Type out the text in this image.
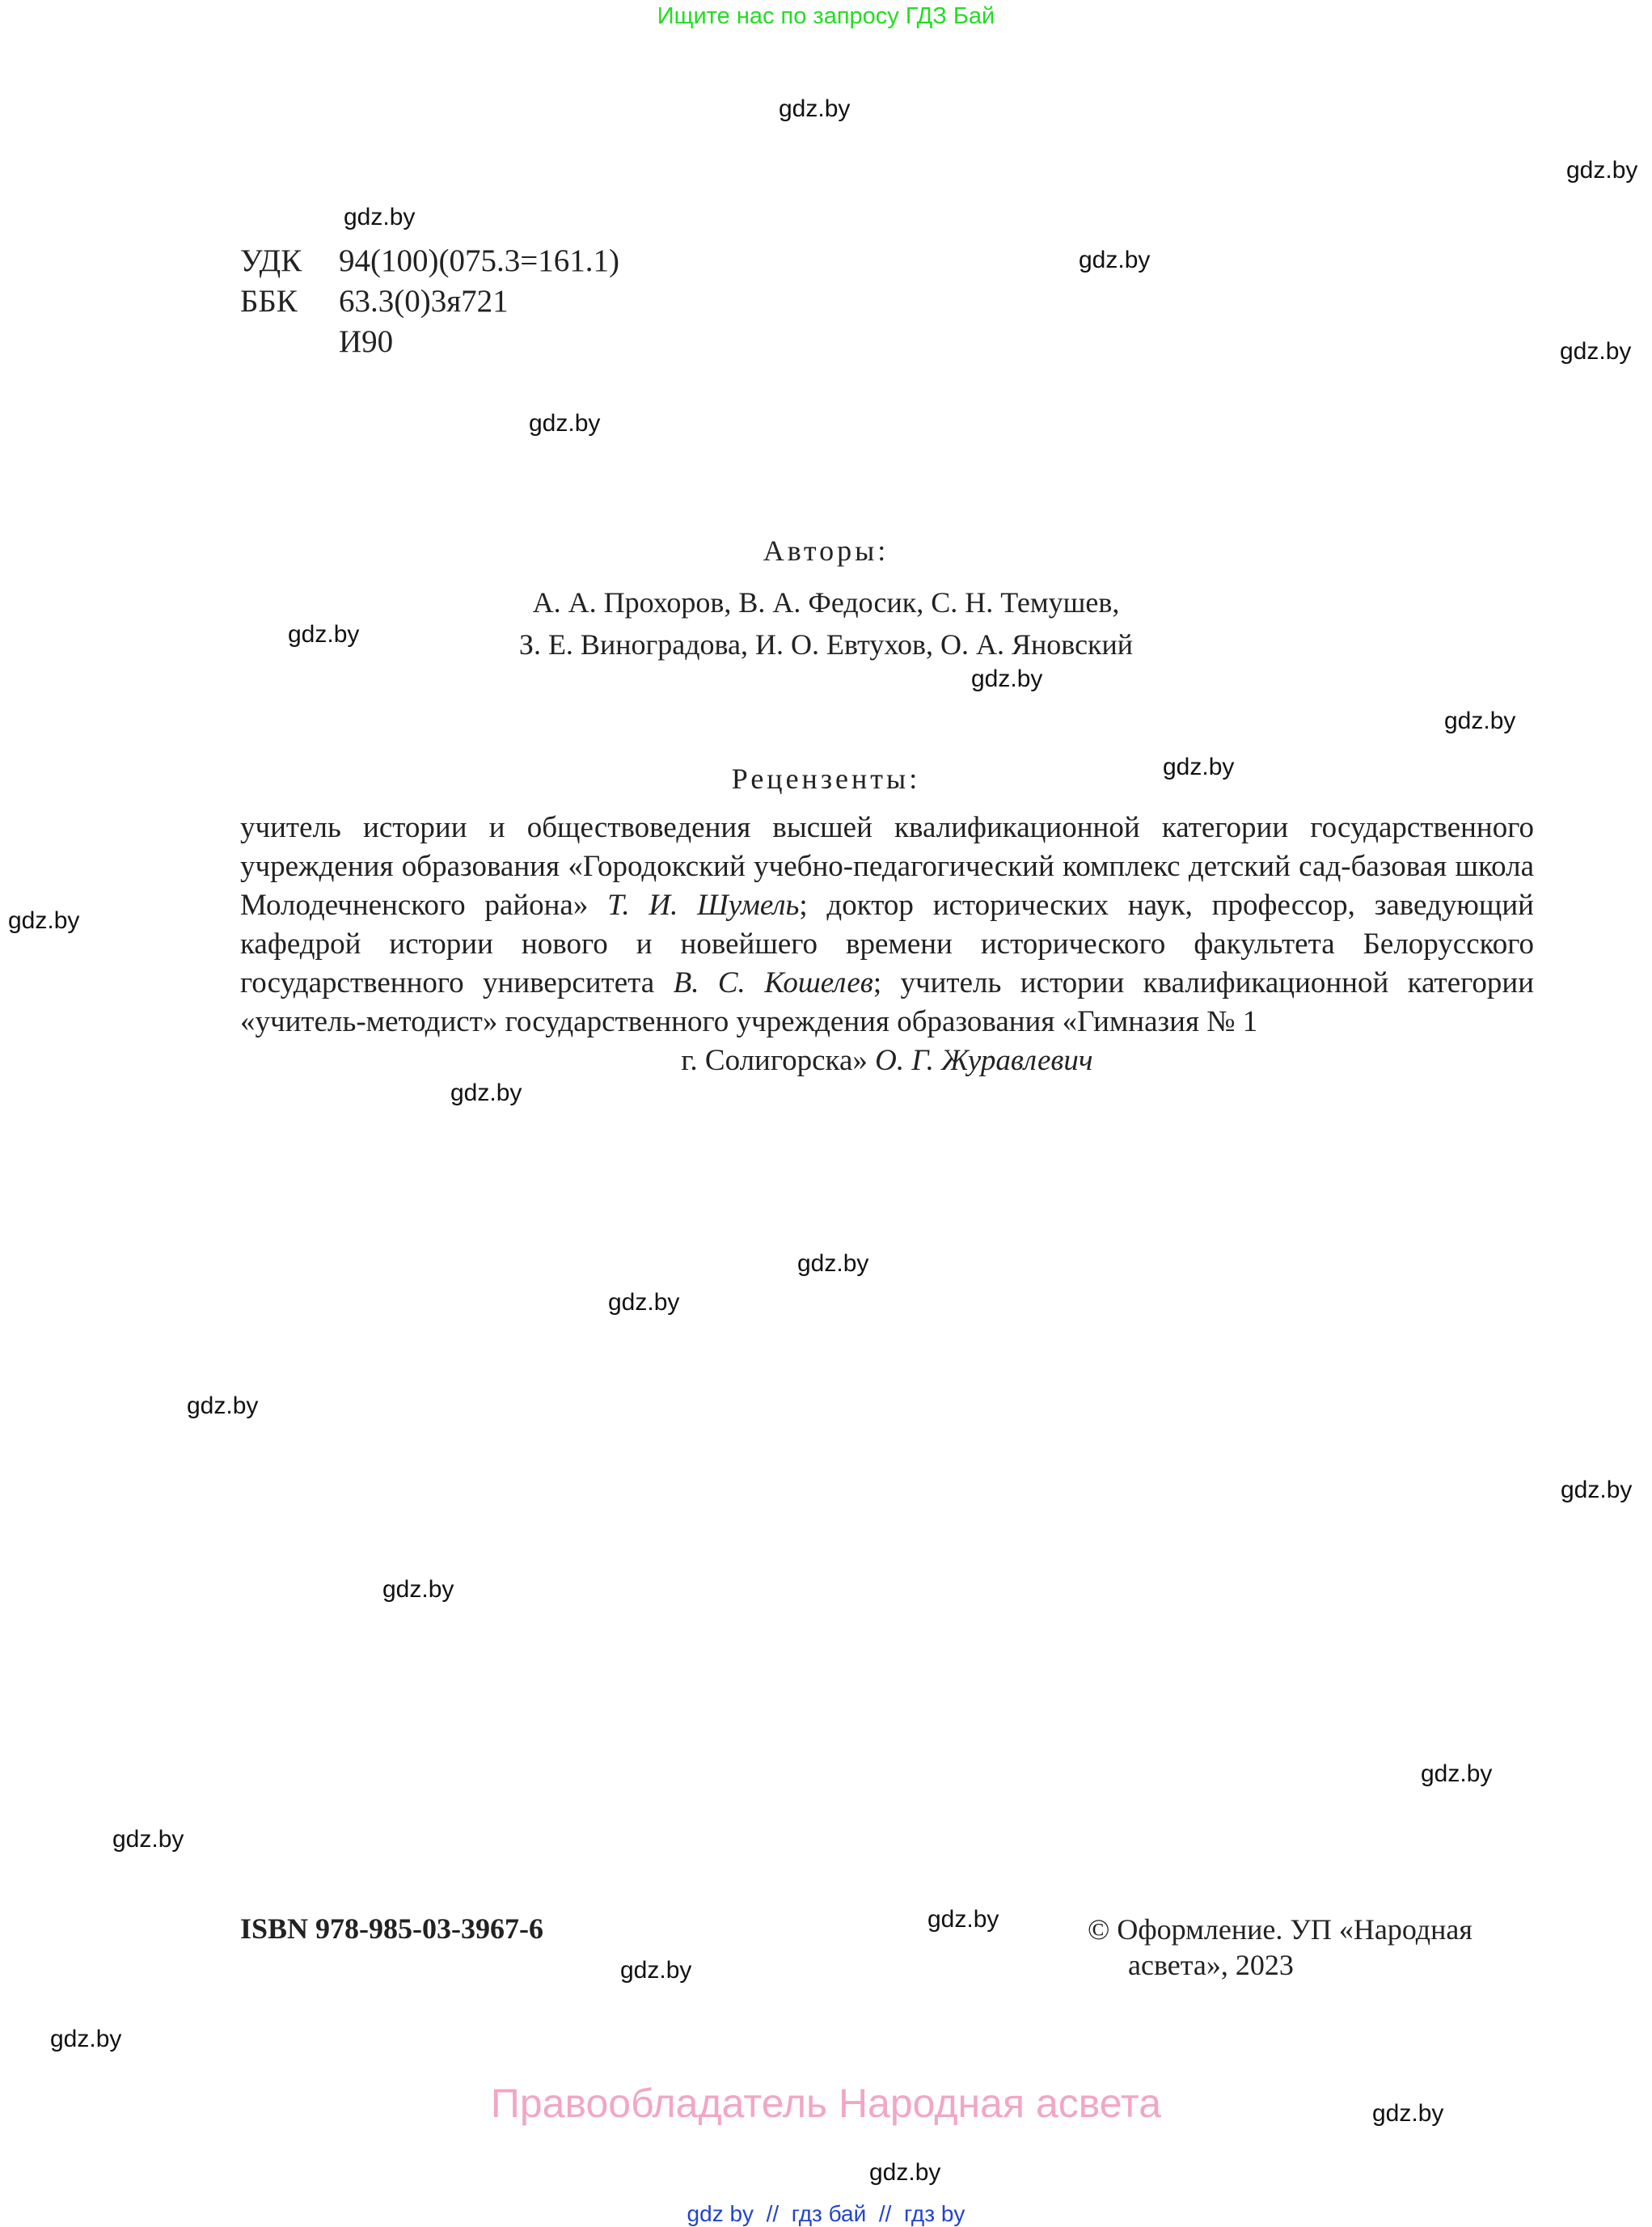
Ищите нас по запросу ГДЗ Бай
gdz.by
gdz.by
gdz.by
gdz.by
gdz.by
gdz.by
gdz.by
gdz.by
gdz.by
gdz.by
gdz.by
gdz.by
gdz.by
gdz.by
gdz.by
gdz.by
gdz.by
gdz.by
gdz.by
gdz.by
gdz.by
gdz.by
gdz.by
gdz.by
УДК 94(100)(075.3=161.1)
ББК 63.3(0)3я721
И90
Авторы:
А. А. Прохоров, В. А. Федосик, С. Н. Темушев,
З. Е. Виноградова, И. О. Евтухов, О. А. Яновский
Рецензенты:
учитель истории и обществоведения высшей квалификационной категории государственного учреждения образования «Городокский учебно-педагогический комплекс детский сад-базовая школа Молодечненского района» Т. И. Шумель; доктор исторических наук, профессор, заведующий кафедрой истории нового и новейшего времени исторического факультета Белорусского государственного университета В. С. Кошелев; учитель истории квалификационной категории «учитель-методист» государственного учреждения образования «Гимназия № 1
г. Солигорска» О. Г. Журавлевич
ISBN 978-985-03-3967-6	© Оформление. УП «Народная
асвета», 2023
Правообладатель Народная асвета
gdz by // гдз бай // гдз by
